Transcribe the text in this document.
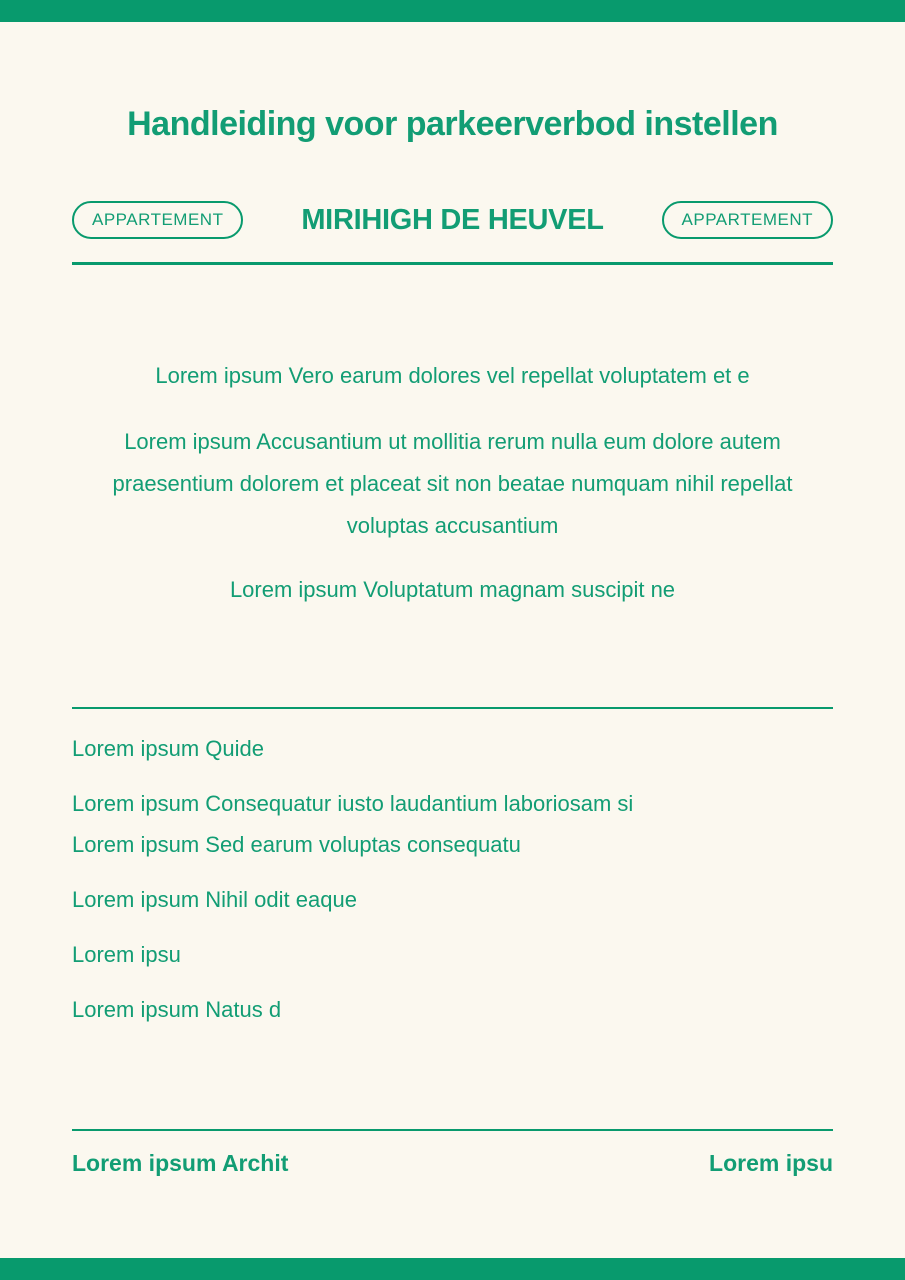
Handleiding voor parkeerverbod instellen
APPARTEMENT	MIRIHIGH DE HEUVEL	APPARTEMENT

Lorem ipsum Vero earum dolores vel repellat voluptatem et e

Lorem ipsum Accusantium ut mollitia rerum nulla eum dolore autem praesentium dolorem et placeat sit non beatae numquam nihil repellat voluptas accusantium

Lorem ipsum Voluptatum magnam suscipit ne

Lorem ipsum Quide
Lorem ipsum Consequatur iusto laudantium laboriosam si
Lorem ipsum Sed earum voluptas consequatu
Lorem ipsum Nihil odit eaque
Lorem ipsu
Lorem ipsum Natus d
Lorem ipsum Archit	Lorem ipsu
